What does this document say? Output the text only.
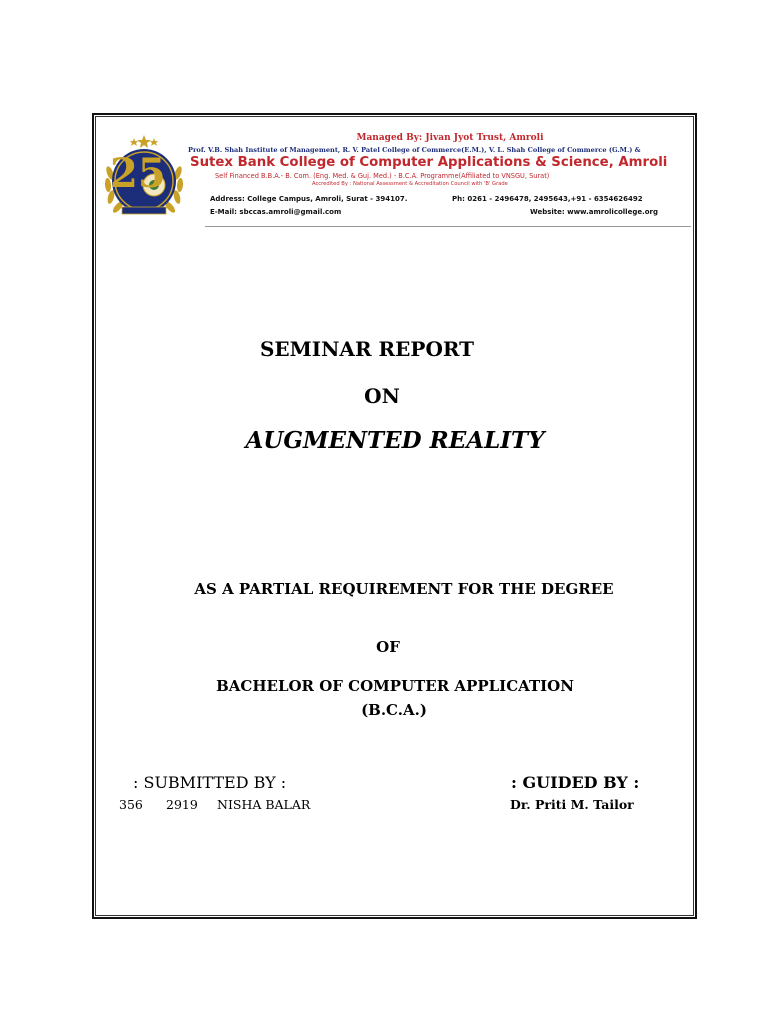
25
Managed By: Jivan Jyot Trust, Amroli
Prof. V.B. Shah Institute of Management, R. V. Patel College of Commerce(E.M.), V. L. Shah College of Commerce (G.M.) &
Sutex Bank College of Computer Applications & Science, Amroli
Self Financed B.B.A.- B. Com. (Eng. Med. & Guj. Med.) - B.C.A. Programme(Affiliated to VNSGU, Surat)
Accredited By : National Assessment & Accreditation Council with 'B' Grade
Address: College Campus, Amroli, Surat - 394107.	Ph: 0261 - 2496478, 2495643,+91 - 6354626492
E-Mail: sbccas.amroli@gmail.com	Website: www.amrolicollege.org
SEMINAR REPORT
ON
AUGMENTED REALITY
AS A PARTIAL REQUIREMENT FOR THE DEGREE
OF
BACHELOR OF COMPUTER APPLICATION
(B.C.A.)
: SUBMITTED BY :	: GUIDED BY :
356 2919 NISHA BALAR	Dr. Priti M. Tailor
